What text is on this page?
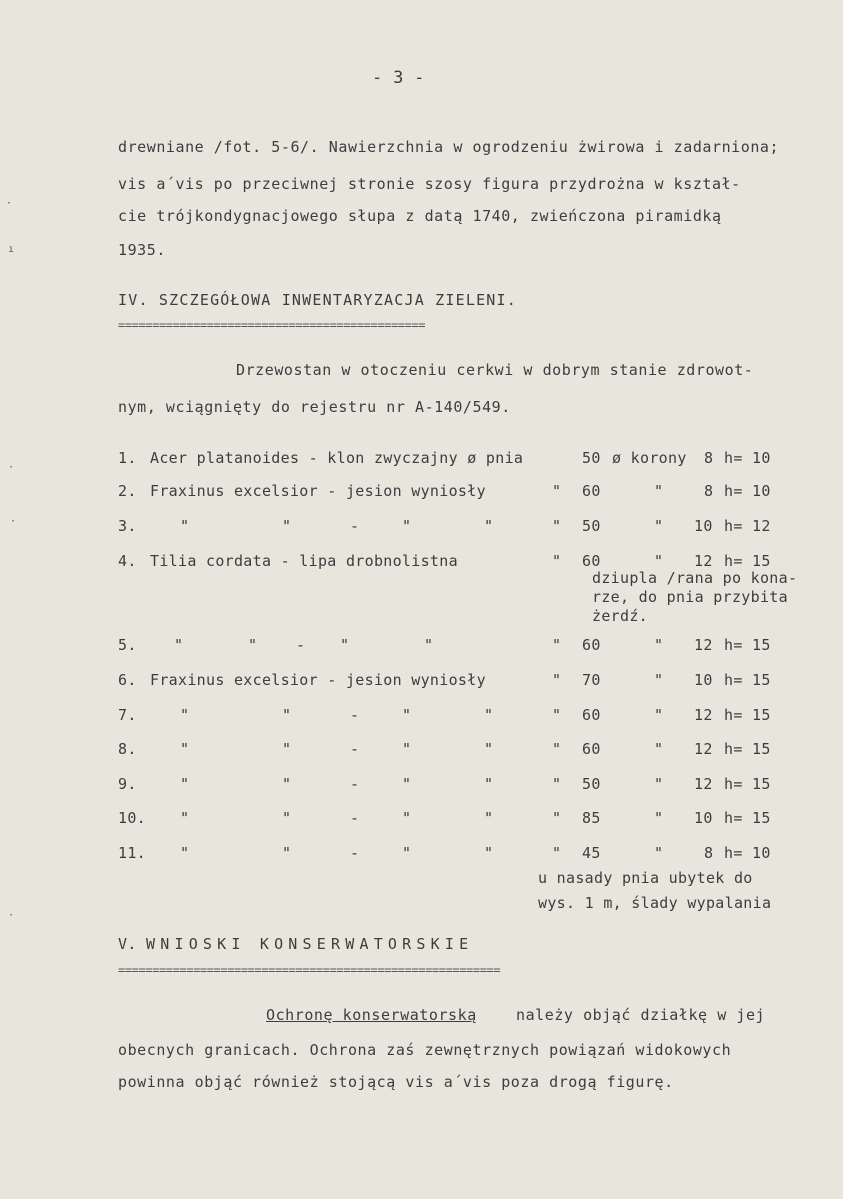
- 3 -
drewniane /fot. 5-6/. Nawierzchnia w ogrodzeniu żwirowa i zadarniona;
vis a´vis po przeciwnej stronie szosy figura przydrożna w kształ-
cie trójkondygnacjowego słupa z datą 1740, zwieńczona piramidką
1935.
IV. SZCZEGÓŁOWA INWENTARYZACJA ZIELENI.
=============================================
Drzewostan w otoczeniu cerkwi w dobrym stanie zdrowot-
nym, wciągnięty do rejestru nr A-140/549.
1. Acer platanoides - klon zwyczajny ø pnia	50 ø korony 8 h= 10
2. Fraxinus excelsior - jesion wyniosły	" 60	"	8 h= 10
3.	"	"	-	"	"	" 50	" 10 h= 12
4. Tilia cordata - lipa drobnolistna	" 60	" 12 h= 15
dziupla /rana po kona-
rze, do pnia przybita
żerdź.
5. "	"	- "	"	" 60	" 12 h= 15
6. Fraxinus excelsior - jesion wyniosły	" 70	" 10 h= 15
7.	"	"	-	"	"	" 60	" 12 h= 15
8.	"	"	-	"	"	" 60	" 12 h= 15
9.	"	"	-	"	"	" 50	" 12 h= 15
10. "	"	-	"	"	" 85	" 10 h= 15
11. "	"	-	"	"	" 45	"	8 h= 10
u nasady pnia ubytek do
wys. 1 m, ślady wypalania
V. WNIOSKI KONSERWATORSKIE
========================================================
Ochronę konserwatorską	należy objąć działkę w jej
obecnych granicach. Ochrona zaś zewnętrznych powiązań widokowych
powinna objąć również stojącą vis a´vis poza drogą figurę.
·
ı
·
·
·
